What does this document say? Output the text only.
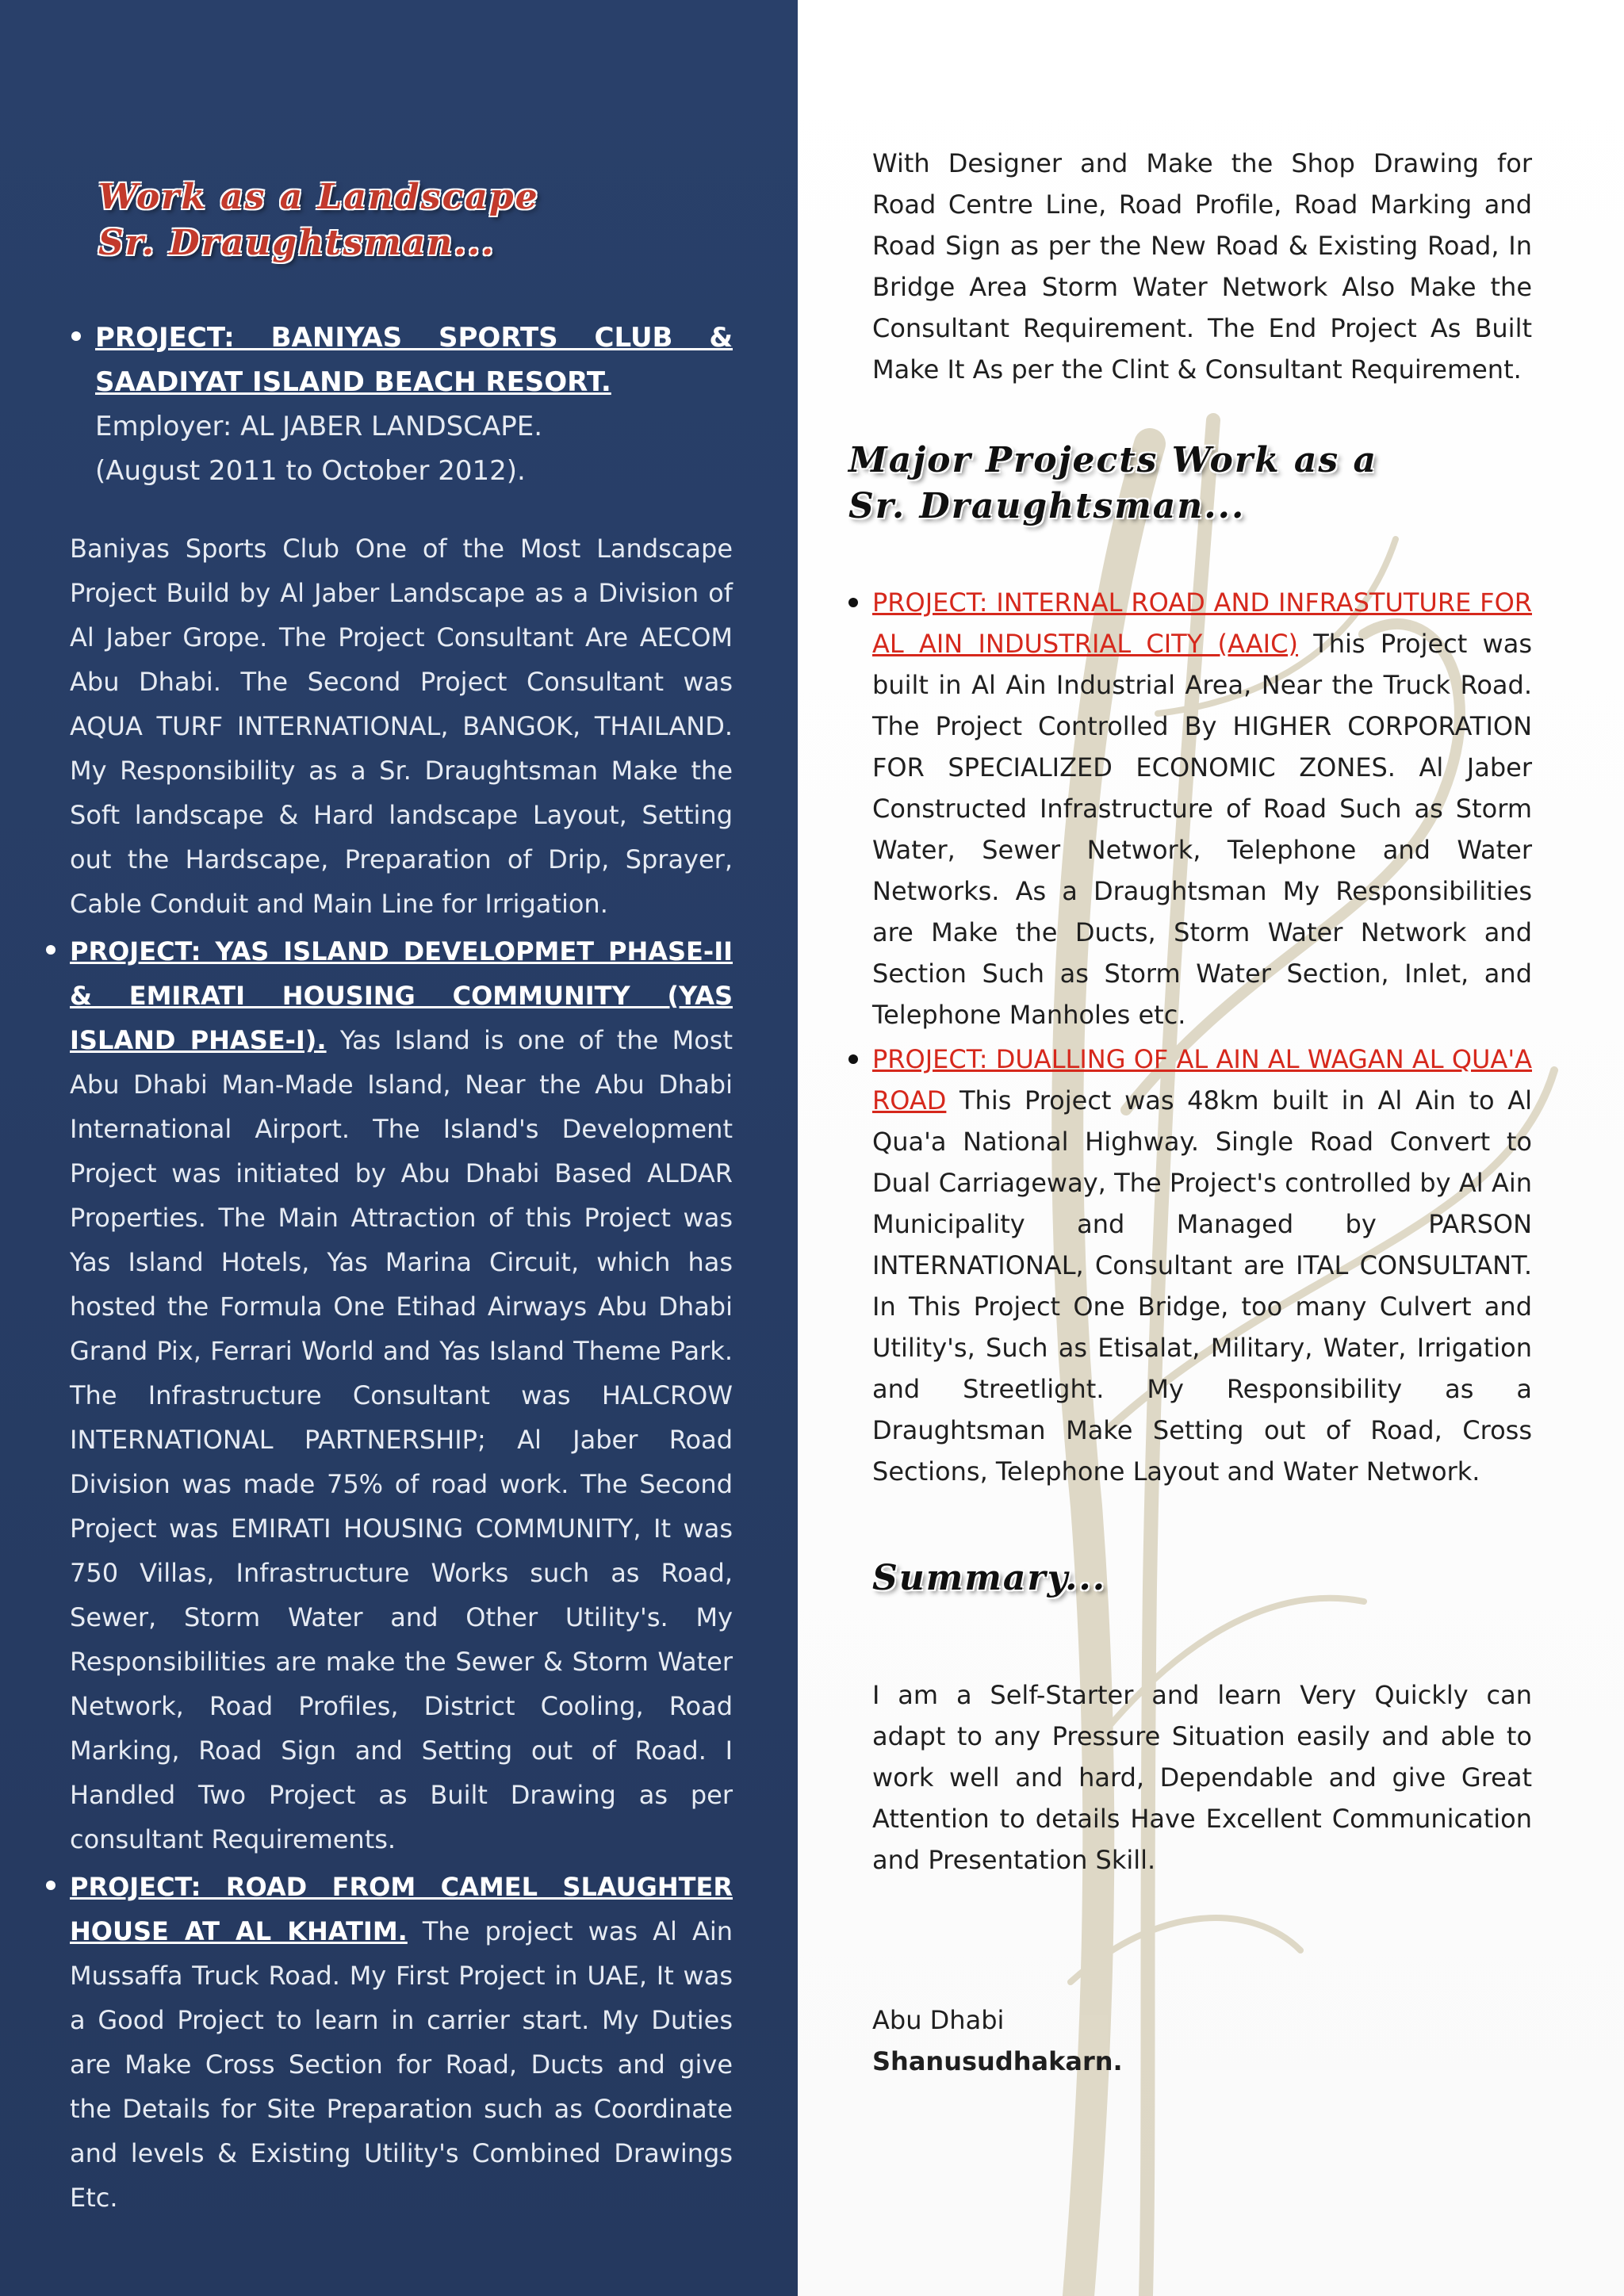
Work as a Landscape
Sr. Draughtsman...

PROJECT: BANIYAS SPORTS CLUB & SAADIYAT ISLAND BEACH RESORT.

Employer: AL JABER LANDSCAPE.
(August 2011 to October 2012).

Baniyas Sports Club One of the Most Landscape Project Build by Al Jaber Landscape as a Division of Al Jaber Grope. The Project Consultant Are AECOM Abu Dhabi. The Second Project Consultant was AQUA TURF INTERNATIONAL, BANGOK, THAILAND. My Responsibility as a Sr. Draughtsman Make the Soft landscape & Hard landscape Layout, Setting out the Hardscape, Preparation of Drip, Sprayer, Cable Conduit and Main Line for Irrigation.

PROJECT: YAS ISLAND DEVELOPMET PHASE-II & EMIRATI HOUSING COMMUNITY (YAS ISLAND PHASE-I). Yas Island is one of the Most Abu Dhabi Man-Made Island, Near the Abu Dhabi International Airport. The Island's Development Project was initiated by Abu Dhabi Based ALDAR Properties. The Main Attraction of this Project was Yas Island Hotels, Yas Marina Circuit, which has hosted the Formula One Etihad Airways Abu Dhabi Grand Pix, Ferrari World and Yas Island Theme Park. The Infrastructure Consultant was HALCROW INTERNATIONAL PARTNERSHIP; Al Jaber Road Division was made 75% of road work. The Second Project was EMIRATI HOUSING COMMUNITY, It was 750 Villas, Infrastructure Works such as Road, Sewer, Storm Water and Other Utility's. My Responsibilities are make the Sewer & Storm Water Network, Road Profiles, District Cooling, Road Marking, Road Sign and Setting out of Road. I Handled Two Project as Built Drawing as per consultant Requirements.

PROJECT: ROAD FROM CAMEL SLAUGHTER HOUSE AT AL KHATIM. The project was Al Ain Mussaffa Truck Road. My First Project in UAE, It was a Good Project to learn in carrier start. My Duties are Make Cross Section for Road, Ducts and give the Details for Site Preparation such as Coordinate and levels & Existing Utility's Combined Drawings Etc.

With Designer and Make the Shop Drawing for Road Centre Line, Road Profile, Road Marking and Road Sign as per the New Road & Existing Road, In Bridge Area Storm Water Network Also Make the Consultant Requirement. The End Project As Built Make It As per the Clint & Consultant Requirement.

Major Projects Work as a
Sr. Draughtsman...

PROJECT: INTERNAL ROAD AND INFRASTUTURE FOR AL AIN INDUSTRIAL CITY (AAIC) This Project was built in Al Ain Industrial Area, Near the Truck Road. The Project Controlled By HIGHER CORPORATION FOR SPECIALIZED ECONOMIC ZONES. Al Jaber Constructed Infrastructure of Road Such as Storm Water, Sewer Network, Telephone and Water Networks. As a Draughtsman My Responsibilities are Make the Ducts, Storm Water Network and Section Such as Storm Water Section, Inlet, and Telephone Manholes etc.

PROJECT: DUALLING OF AL AIN AL WAGAN AL QUA'A ROAD This Project was 48km built in Al Ain to Al Qua'a National Highway. Single Road Convert to Dual Carriageway, The Project's controlled by Al Ain Municipality and Managed by PARSON INTERNATIONAL, Consultant are ITAL CONSULTANT. In This Project One Bridge, too many Culvert and Utility's, Such as Etisalat, Military, Water, Irrigation and Streetlight. My Responsibility as a Draughtsman Make Setting out of Road, Cross Sections, Telephone Layout and Water Network.

Summary...

I am a Self-Starter and learn Very Quickly can adapt to any Pressure Situation easily and able to work well and hard, Dependable and give Great Attention to details Have Excellent Communication and Presentation Skill.

Abu Dhabi

Shanusudhakarn.
